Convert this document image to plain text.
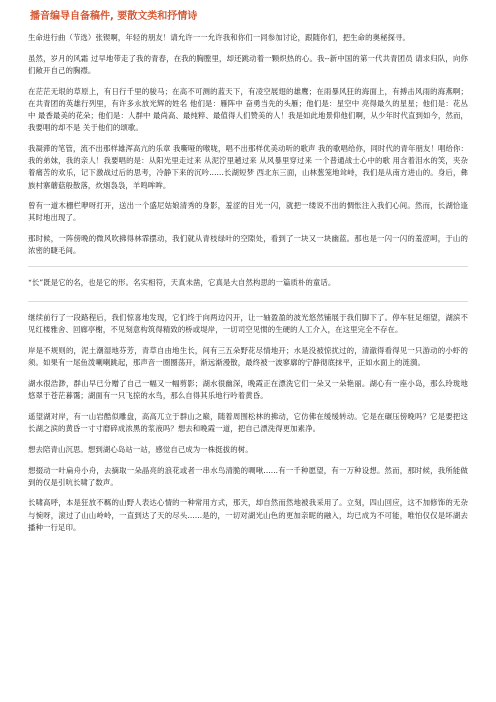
播音编导自备稿件, 要散文类和抒情诗

生命进行曲（节选）张锲啊，年轻的朋友！请允许一一允许我和你们一同参加讨论，跟随你们，把生命的奥秘探寻。

虽然，岁月的风霜 过早地带走了我的青春，在我的胸膛里，却还跳动着一颗炽热的心。我--新中国的第一代共青团员 请求归队，向你们敞开自己的胸襟。

在茫茫无垠的草原上，有日行千里的骏马；在高不可测的蓝天下，有凌空展翅的雄鹰；在雨暴风狂的海面上，有搏击风雨的海燕啊；在共青团的英雄行列里，有许多永放光辉的姓名 他们是：雁阵中 奋勇当先的头雁；他们是：星空中 亮得最久的星星；他们是：花丛中 最香最美的花朵；他们是：人群中 最尚高、最纯粹、最值得人们赞美的人！我是如此地景仰他们啊，从少年时代直到如今，然而，我要唱的却不是 关于他们的颂歌。

我凝滞的笔管，流不出那样雄浑高亢的乐章 我嘶哑的喉咙，唱不出那样优美动听的歌声 我的歌唱给你，同时代的青年朋友！唱给你：我的弟妹，我的亲人！我要唱的是：从阳光里走过来 从泥泞里趟过来 从风暴里穿过来 一个普通战士心中的歌 用含着泪水的笑，夹杂着痛苦的欢乐，记下激战过后的思考，冷静下来的沉吟......长湖短梦 西北东三面，山林葱笼地耸峙，我们是从南方进山的。身后，彝族村寨蘑菇般散落，炊烟袅袅，羊鸣哞哞。

曾有一道木栅栏咿呀打开，送出一个盛尼姑娘清秀的身影，羞涩的目光一闪，就把一缕说不出的惆怅注入我们心间。然而，长湖恰逢其时地出现了。

那时候，一阵傍晚的微风吹拂得林霏摆动，我们就从青枝绿叶的空隙处，看到了一块又一块幽蓝。那也是一闪一闪的羞涩呵，于山的浓密的睫毛间。

“长”既是它的名，也是它的形。名实相符，天真未凿，它真是大自然构思的一篇质朴的童话。

继续前行了一段路程后，我们惊喜地发现，它们终于向两边闪开，让一轴盈盈的波光悠然铺展于我们脚下了。停车驻足细望，湖滨不见红楼雅舍、回廊亭榭，不见刻意构筑得精致的桥或堤岸，一切司空见惯的生硬的人工介入，在这里完全不存在。

岸是不规则的，泥土潮湿地芬芳，青草自由地生长，间有三五朵野花尽情地开；水是没被惊扰过的，清澈得看得见一只游动的小虾的须。如果有一尾鱼泼喇喇跳起，那声音一圈圈荡开，渐远渐漫散，最终被一波寥廓的宁静彻底抹平，正如水面上的涟漪。

湖水很浩渺，群山早已分赠了自己一幅又一幅剪影；湖水很幽深，晚霞正在漂洗它们一朵又一朵艳丽。湖心有一座小岛，那么玲珑地悠翠于苍茫暮霭；湖面有一只飞掠的水鸟，那么自得其乐地行吟着黄昏。

遥望湖对岸，有一山岩酷似雕盘，高高兀立于群山之巅，随着周围松林的拂动，它仿佛在缓缓转动。它是在碾压傍晚吗？它是要把这长湖之滨的黄昏一寸寸磨碎成浓黑的浆液吗？想去和晚霞一道，把自己漂洗得更加素净。

想去陪青山沉思。想到湖心岛站一站，感觉自己成为一株挺拔的树。

想掇动一叶扁舟小舟，去摘取一朵晶亮的浪花或者一串水鸟清脆的啁啾......有一千种愿望，有一万种设想。然而，那时候，我所能做到的仅是引吭长啸了数声。

长啸高呼，本是狂放不羁的山野人表达心情的一种常用方式，那天，却自然而然地被我采用了。立刻，四山回应，这不加修饰的无杂与惋呀，滚过了山山岭岭，一直到达了天的尽头......是的，一切对湖光山色的更加亲昵的融入，均已成为不可能，唯怕仅仅是坏湖去播种一行足印。
